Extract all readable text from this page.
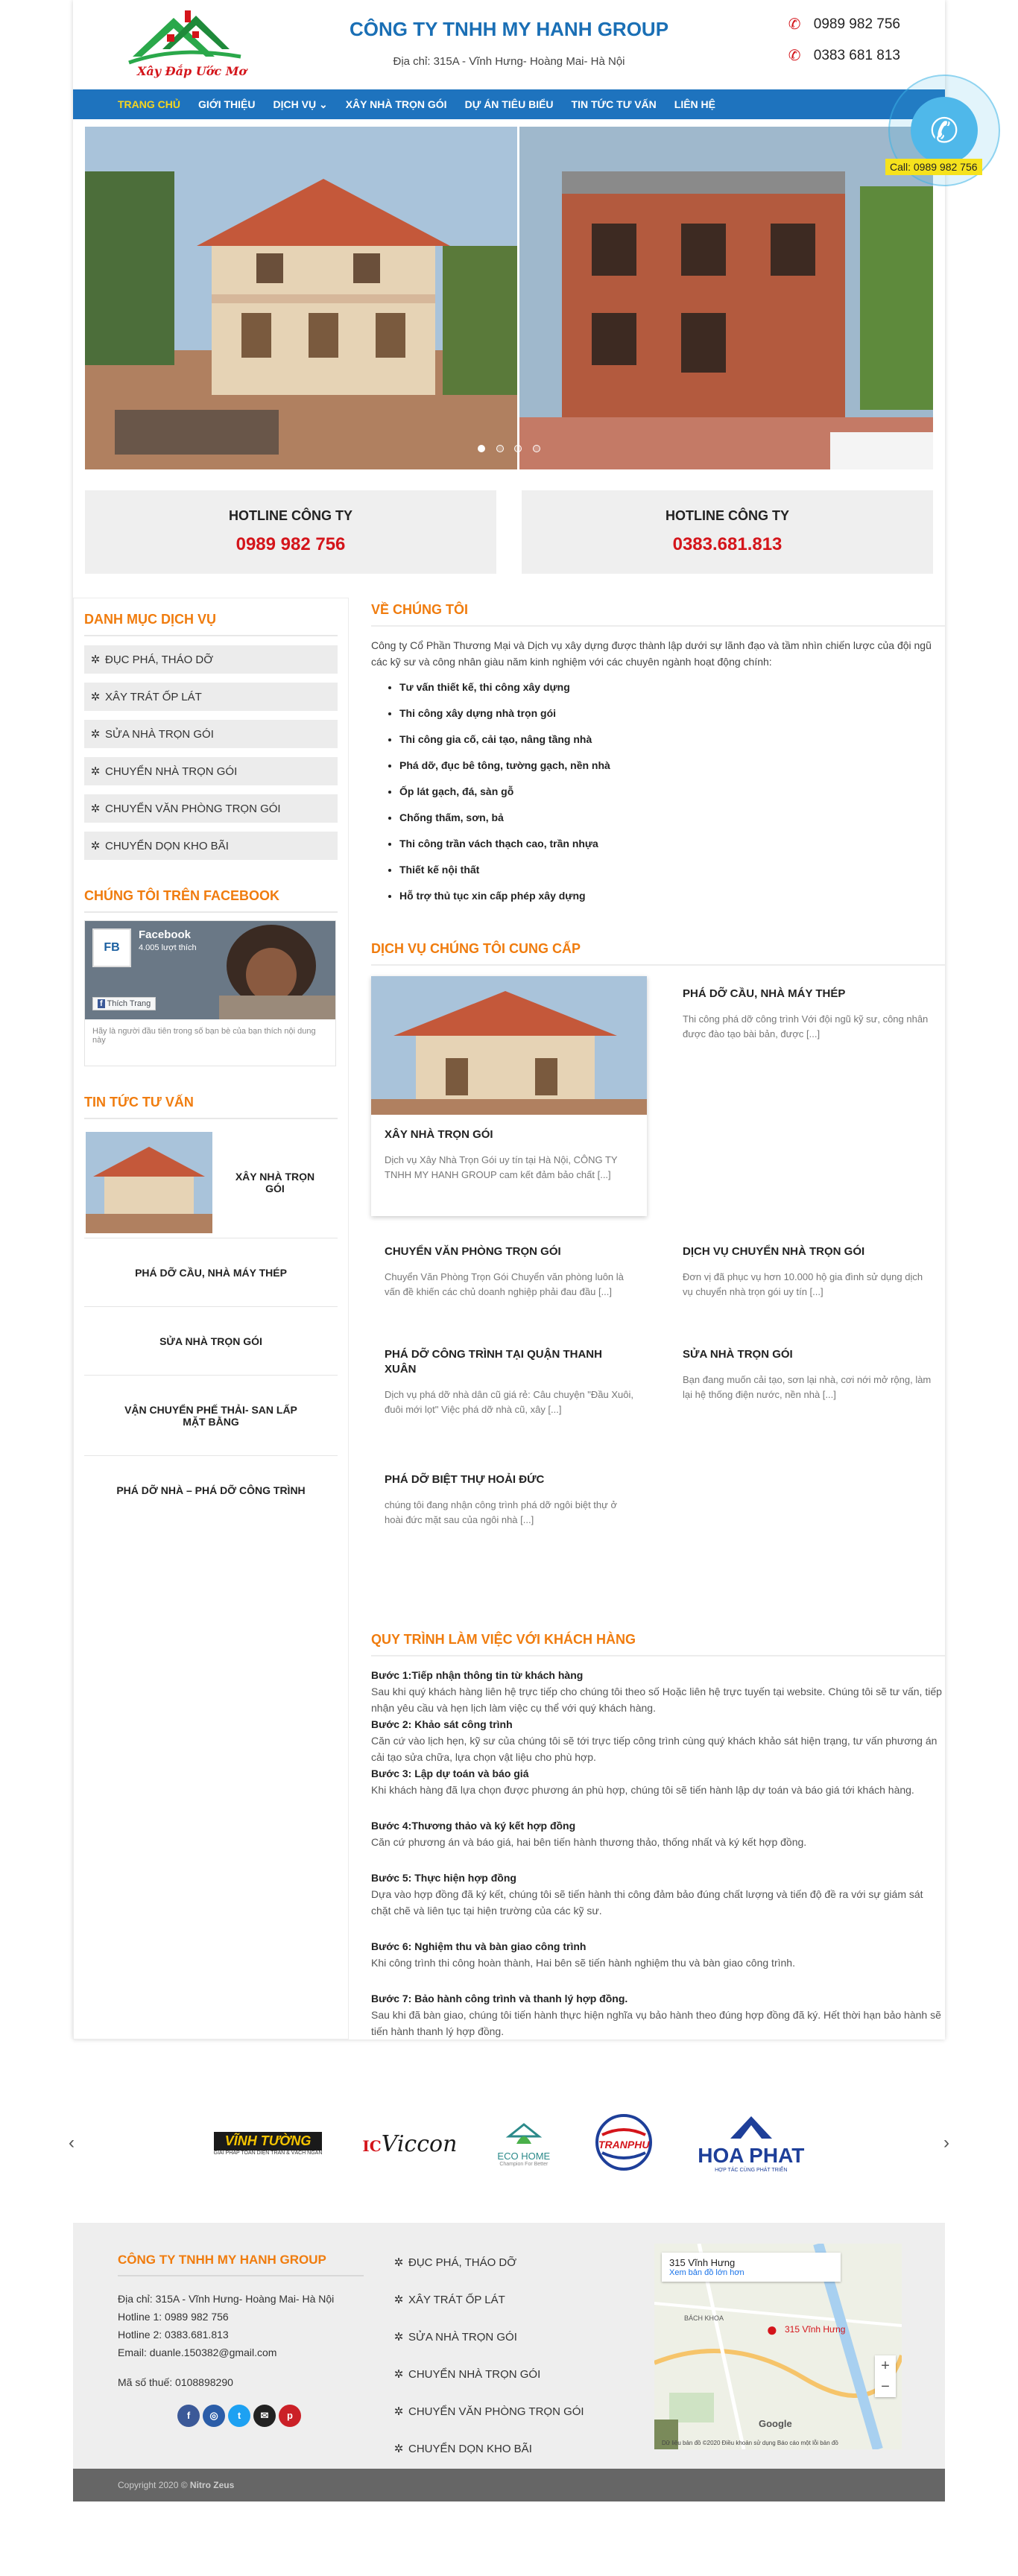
Xây Đắp Ước Mơ
CÔNG TY TNHH MY HANH GROUP
Địa chỉ: 315A - Vĩnh Hưng- Hoàng Mai- Hà Nội
✆ 0989 982 756
✆ 0383 681 813
TRANG CHỦ	GIỚI THIỆU	DỊCH VỤ ⌄	XÂY NHÀ TRỌN GÓI	DỰ ÁN TIÊU BIỂU	TIN TỨC TƯ VẤN	LIÊN HỆ

HOTLINE CÔNG TY
0989 982 756
HOTLINE CÔNG TY
0383.681.813
DANH MỤC DỊCH VỤ
✲ ĐỤC PHÁ, THÁO DỠ
✲ XÂY TRÁT ỐP LÁT
✲ SỬA NHÀ TRỌN GÓI
✲ CHUYỂN NHÀ TRỌN GÓI
✲ CHUYỂN VĂN PHÒNG TRỌN GÓI
✲ CHUYỂN DỌN KHO BÃI
CHÚNG TÔI TRÊN FACEBOOK
FB
Facebook
4.005 lượt thích
f Thích Trang
Hãy là người đầu tiên trong số bạn bè của bạn thích nội dung này
TIN TỨC TƯ VẤN
XÂY NHÀ TRỌN GÓI
PHÁ DỠ CẦU, NHÀ MÁY THÉP
SỬA NHÀ TRỌN GÓI
VẬN CHUYỂN PHẾ THẢI- SAN LẤP MẶT BẰNG
PHÁ DỠ NHÀ – PHÁ DỠ CÔNG TRÌNH
VỀ CHÚNG TÔI

Công ty Cổ Phần Thương Mại và Dịch vụ xây dựng được thành lập dưới sự lãnh đạo và tầm nhìn chiến lược của đội ngũ các kỹ sư và công nhân giàu năm kinh nghiệm với các chuyên ngành hoạt động chính:

• Tư vấn thiết kế, thi công xây dựng
• Thi công xây dựng nhà trọn gói
• Thi công gia cố, cải tạo, nâng tầng nhà
• Phá dỡ, đục bê tông, tường gạch, nền nhà
• Ốp lát gạch, đá, sàn gỗ
• Chống thấm, sơn, bả
• Thi công trần vách thạch cao, trần nhựa
• Thiết kế nội thất
• Hỗ trợ thủ tục xin cấp phép xây dựng
DỊCH VỤ CHÚNG TÔI CUNG CẤP
XÂY NHÀ TRỌN GÓI
Dịch vụ Xây Nhà Trọn Gói uy tín tại Hà Nội, CÔNG TY TNHH MY HANH GROUP cam kết đảm bảo chất [...]
PHÁ DỠ CẦU, NHÀ MÁY THÉP
Thi công phá dỡ công trình Với đội ngũ kỹ sư, công nhân được đào tạo bài bản, được [...]
CHUYỂN VĂN PHÒNG TRỌN GÓI
Chuyển Văn Phòng Trọn Gói Chuyển văn phòng luôn là vấn đề khiến các chủ doanh nghiệp phải đau đầu [...]
DỊCH VỤ CHUYỂN NHÀ TRỌN GÓI
Đơn vị đã phục vụ hơn 10.000 hộ gia đình sử dụng dịch vụ chuyển nhà trọn gói uy tín [...]
PHÁ DỠ CÔNG TRÌNH TẠI QUẬN THANH XUÂN
Dịch vụ phá dỡ nhà dân cũ giá rẻ: Câu chuyện "Đầu Xuôi, đuôi mới lọt" Việc phá dỡ nhà cũ, xây [...]
SỬA NHÀ TRỌN GÓI
Bạn đang muốn cải tạo, sơn lại nhà, cơi nới mở rộng, làm lại hệ thống điện nước, nền nhà [...]
PHÁ DỠ BIỆT THỰ HOẢI ĐỨC
chúng tôi đang nhận công trình phá dỡ ngôi biệt thự ở hoài đức mặt sau của ngôi nhà [...]
QUY TRÌNH LÀM VIỆC VỚI KHÁCH HÀNG
Bước 1:Tiếp nhận thông tin từ khách hàng
Sau khi quý khách hàng liên hệ trực tiếp cho chúng tôi theo số Hoặc liên hệ trực tuyến tại website. Chúng tôi sẽ tư vấn, tiếp nhận yêu cầu và hẹn lịch làm việc cụ thể với quý khách hàng.
Bước 2: Khảo sát công trình
Căn cứ vào lịch hẹn, kỹ sư của chúng tôi sẽ tới trực tiếp công trình cùng quý khách khảo sát hiện trạng, tư vấn phương án cải tạo sửa chữa, lựa chọn vật liệu cho phù hợp.
Bước 3: Lập dự toán và báo giá
Khi khách hàng đã lựa chọn được phương án phù hợp, chúng tôi sẽ tiến hành lập dự toán và báo giá tới khách hàng.
Bước 4:Thương thảo và ký kết hợp đồng
Căn cứ phương án và báo giá, hai bên tiến hành thương thảo, thống nhất và ký kết hợp đồng.
Bước 5: Thực hiện hợp đồng
Dựa vào hợp đồng đã ký kết, chúng tôi sẽ tiến hành thi công đảm bảo đúng chất lượng và tiến độ đề ra với sự giám sát chặt chẽ và liên tục tại hiện trường của các kỹ sư.
Bước 6: Nghiệm thu và bàn giao công trình
Khi công trình thi công hoàn thành, Hai bên sẽ tiến hành nghiệm thu và bàn giao công trình.
Bước 7: Bảo hành công trình và thanh lý hợp đồng.
Sau khi đã bàn giao, chúng tôi tiến hành thực hiện nghĩa vụ bảo hành theo đúng hợp đồng đã ký. Hết thời hạn bảo hành sẽ tiến hành thanh lý hợp đồng.
‹	VĨNH TƯỜNG
GIẢI PHÁP TOÀN DIỆN TRẦN & VÁCH NGĂN	ICViccon	ECO HOME
Champion For Better
TRANPHU	HOA PHAT
HỢP TÁC CÙNG PHÁT TRIỂN
›
CÔNG TY TNHH MY HANH GROUP
Địa chỉ: 315A - Vĩnh Hưng- Hoàng Mai- Hà Nội
Hotline 1: 0989 982 756
Hotline 2: 0383.681.813
Email: duanle.150382@gmail.com
Mã số thuế: 0108898290
f ◎ t ✉ p
✲ ĐỤC PHÁ, THÁO DỠ
✲ XÂY TRÁT ỐP LÁT
✲ SỬA NHÀ TRỌN GÓI
✲ CHUYỂN NHÀ TRỌN GÓI
✲ CHUYỂN VĂN PHÒNG TRỌN GÓI
✲ CHUYỂN DỌN KHO BÃI
315 Vĩnh Hưng
Xem bản đồ lớn hơn
● 315 Vĩnh Hưng
BÁCH KHOA
+
−
Google
Dữ liệu bản đồ ©2020 Điều khoản sử dụng Báo cáo một lỗi bản đồ
Copyright 2020 © Nitro Zeus
✆
Call: 0989 982 756
